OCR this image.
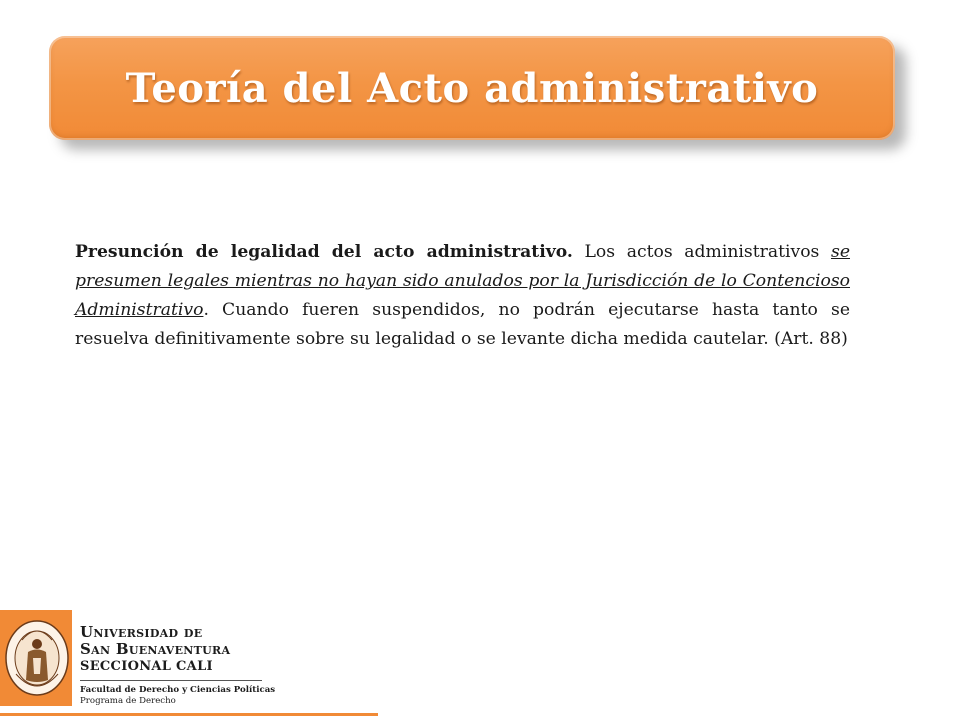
Teoría del Acto administrativo

Presunción de legalidad del acto administrativo. Los actos administrativos se presumen legales mientras no hayan sido anulados por la Jurisdicción de lo Contencioso Administrativo. Cuando fueren suspendidos, no podrán ejecutarse hasta tanto se resuelva definitivamente sobre su legalidad o se levante dicha medida cautelar. (Art. 88)

Universidad de
San Buenaventura
SECCIONAL CALI
Facultad de Derecho y Ciencias Políticas
Programa de Derecho
